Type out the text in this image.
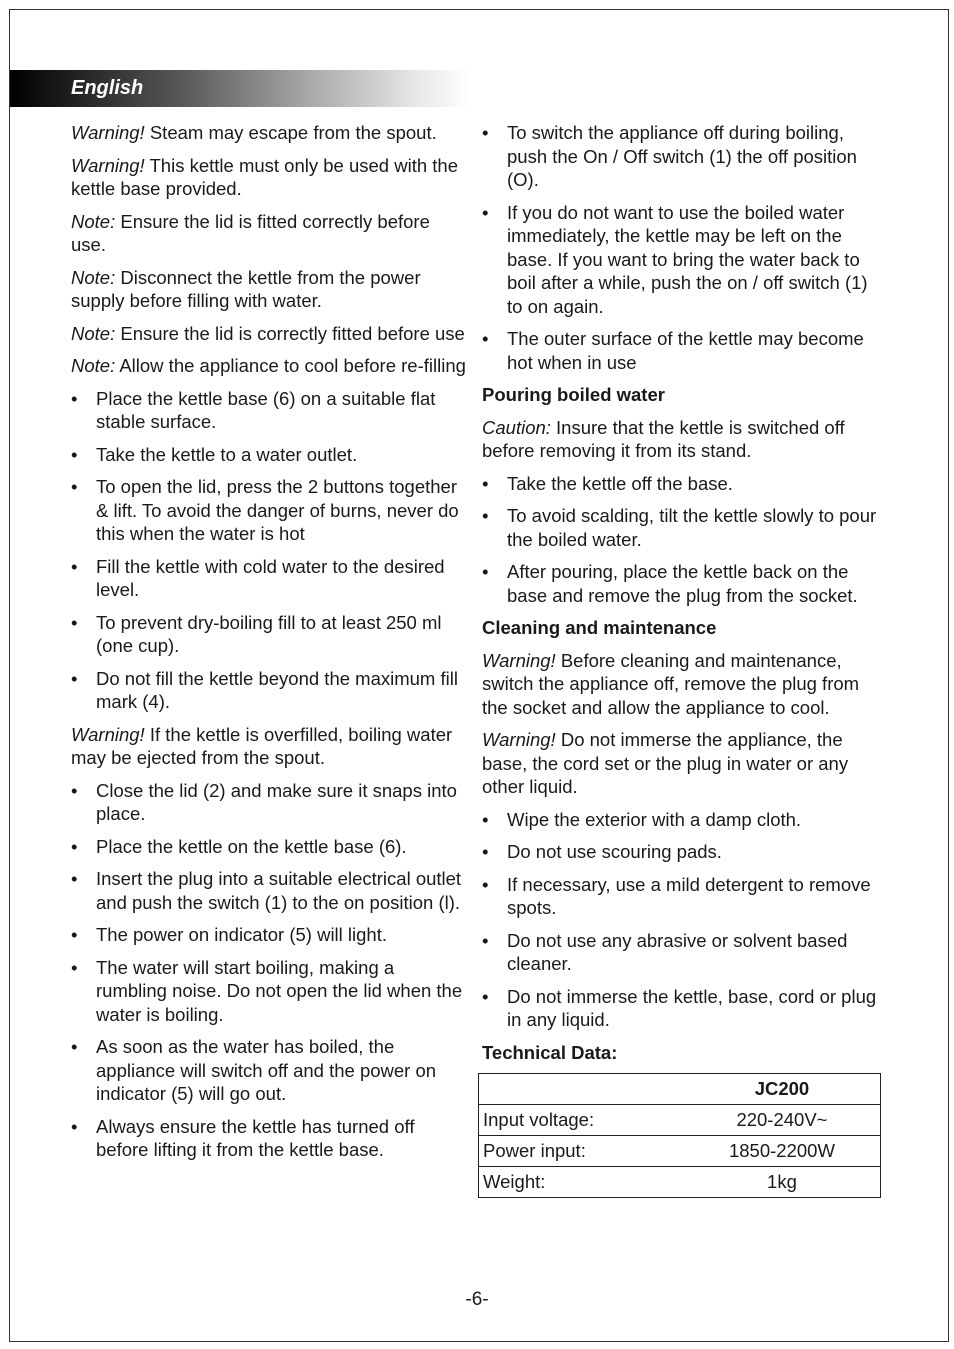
English

Warning! Steam may escape from the spout.

Warning! This kettle must only be used with the kettle base provided.

Note: Ensure the lid is fitted correctly before use.

Note: Disconnect the kettle from the power supply before filling with water.

Note: Ensure the lid is correctly fitted before use

Note: Allow the appliance to cool before re-filling

• Place the kettle base (6) on a suitable flat stable surface.
• Take the kettle to a water outlet.
• To open the lid, press the 2 buttons together & lift. To avoid the danger of burns, never do this when the water is hot
• Fill the kettle with cold water to the desired level.
• To prevent dry-boiling fill to at least 250 ml (one cup).
• Do not fill the kettle beyond the maximum fill mark (4).

Warning! If the kettle is overfilled, boiling water may be ejected from the spout.

• Close the lid (2) and make sure it snaps into place.
• Place the kettle on the kettle base (6).
• Insert the plug into a suitable electrical outlet and push the switch (1) to the on position (l).
• The power on indicator (5) will light.
• The water will start boiling, making a rumbling noise. Do not open the lid when the water is boiling.
• As soon as the water has boiled, the appliance will switch off and the power on indicator (5) will go out.
• Always ensure the kettle has turned off before lifting it from the kettle base.
• To switch the appliance off during boiling, push the On / Off switch (1) the off position (O).
• If you do not want to use the boiled water immediately, the kettle may be left on the base. If you want to bring the water back to boil after a while, push the on / off switch (1) to on again.
• The outer surface of the kettle may become hot when in use
Pouring boiled water

Caution: Insure that the kettle is switched off before removing it from its stand.

• Take the kettle off the base.
• To avoid scalding, tilt the kettle slowly to pour the boiled water.
• After pouring, place the kettle back on the base and remove the plug from the socket.
Cleaning and maintenance

Warning! Before cleaning and maintenance, switch the appliance off, remove the plug from the socket and allow the appliance to cool.

Warning! Do not immerse the appliance, the base, the cord set or the plug in water or any other liquid.

• Wipe the exterior with a damp cloth.
• Do not use scouring pads.
• If necessary, use a mild detergent to remove spots.
• Do not use any abrasive or solvent based cleaner.
• Do not immerse the kettle, base, cord or plug in any liquid.
Technical Data:
	JC200
Input voltage:	220-240V~
Power input:	1850-2200W
Weight:	1kg
-6-
